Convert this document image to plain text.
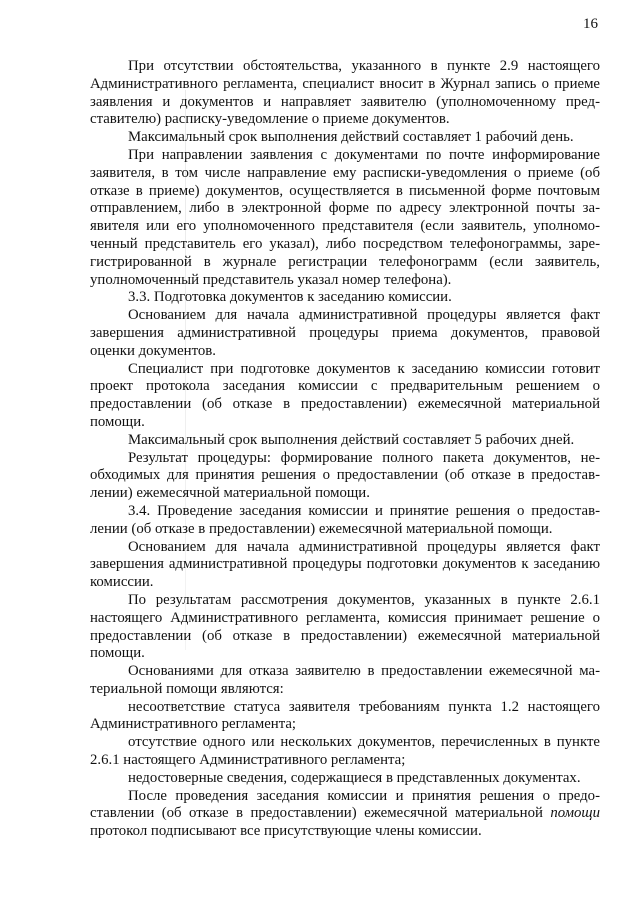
16

При отсутствии обстоятельства, указанного в пункте 2.9 настоящего Административного регламента, специалист вносит в Журнал запись о приеме заявления и документов и направляет заявителю (уполномоченному представителю) расписку-уведомление о приеме документов.

Максимальный срок выполнения действий составляет 1 рабочий день.

При направлении заявления с документами по почте информирование заявителя, в том числе направление ему расписки-уведомления о приеме (об отказе в приеме) документов, осуществляется в письменной форме почтовым отправлением, либо в электронной форме по адресу электронной почты заявителя или его уполномоченного представителя (если заявитель, уполномоченный представитель его указал), либо посредством телефонограммы, зарегистрированной в журнале регистрации телефонограмм (если заявитель, уполномоченный представитель указал номер телефона).

3.3. Подготовка документов к заседанию комиссии.

Основанием для начала административной процедуры является факт завершения административной процедуры приема документов, правовой оценки документов.

Специалист при подготовке документов к заседанию комиссии готовит проект протокола заседания комиссии с предварительным решением о предоставлении (об отказе в предоставлении) ежемесячной материальной помощи.

Максимальный срок выполнения действий составляет 5 рабочих дней.

Результат процедуры: формирование полного пакета документов, необходимых для принятия решения о предоставлении (об отказе в предоставлении) ежемесячной материальной помощи.

3.4. Проведение заседания комиссии и принятие решения о предоставлении (об отказе в предоставлении) ежемесячной материальной помощи.

Основанием для начала административной процедуры является факт завершения административной процедуры подготовки документов к заседанию комиссии.

По результатам рассмотрения документов, указанных в пункте 2.6.1 настоящего Административного регламента, комиссия принимает решение о предоставлении (об отказе в предоставлении) ежемесячной материальной помощи.

Основаниями для отказа заявителю в предоставлении ежемесячной материальной помощи являются:

несоответствие статуса заявителя требованиям пункта 1.2 настоящего Административного регламента;

отсутствие одного или нескольких документов, перечисленных в пункте 2.6.1 настоящего Административного регламента;

недостоверные сведения, содержащиеся в представленных документах.

После проведения заседания комиссии и принятия решения о предоставлении (об отказе в предоставлении) ежемесячной материальной помощи протокол подписывают все присутствующие члены комиссии.
